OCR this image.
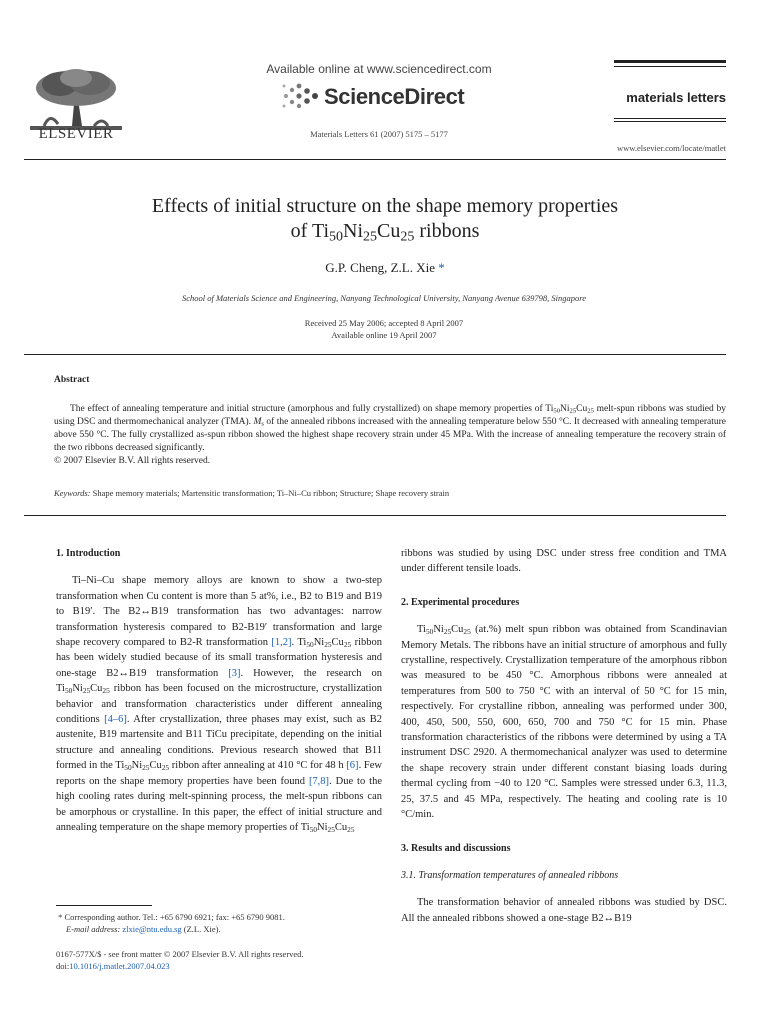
ELSEVIER
Available online at www.sciencedirect.com
ScienceDirect
Materials Letters 61 (2007) 5175 – 5177
materials letters
www.elsevier.com/locate/matlet
Effects of initial structure on the shape memory properties
of $Ti_{50}Ni_{25}Cu_{25}$ ribbons
G.P. Cheng, Z.L. Xie *
School of Materials Science and Engineering, Nanyang Technological University, Nanyang Avenue 639798, Singapore
Received 25 May 2006; accepted 8 April 2007
Available online 19 April 2007
Abstract

The effect of annealing temperature and initial structure (amorphous and fully crystallized) on shape memory properties of $Ti_{50}Ni_{25}Cu_{25}$ melt-spun ribbons was studied by using DSC and thermomechanical analyzer (TMA). $M_s$ of the annealed ribbons increased with the annealing temperature below 550 °C. It decreased with annealing temperature above 550 °C. The fully crystallized as-spun ribbon showed the highest shape recovery strain under 45 MPa. With the increase of annealing temperature the recovery strain of the two ribbons decreased significantly.

© 2007 Elsevier B.V. All rights reserved.
Keywords: Shape memory materials; Martensitic transformation; Ti–Ni–Cu ribbon; Structure; Shape recovery strain
1. Introduction

Ti–Ni–Cu shape memory alloys are known to show a two-step transformation when Cu content is more than 5 at%, i.e., B2 to B19 and B19 to B19′. The B2↔B19 transformation has two advantages: narrow transformation hysteresis compared to B2-B19′ transformation and large shape recovery compared to B2-R transformation [1,2]. $Ti_{50}Ni_{25}Cu_{25}$ ribbon has been widely studied because of its small transformation hysteresis and one-stage B2↔B19 transformation [3]. However, the research on $Ti_{50}Ni_{25}Cu_{25}$ ribbon has been focused on the microstructure, crystallization behavior and transformation characteristics under different annealing conditions [4–6]. After crystallization, three phases may exist, such as B2 austenite, B19 martensite and B11 TiCu precipitate, depending on the initial structure and annealing conditions. Previous research showed that B11 formed in the $Ti_{50}Ni_{25}Cu_{25}$ ribbon after annealing at 410 °C for 48 h [6]. Few reports on the shape memory properties have been found [7,8]. Due to the high cooling rates during melt-spinning process, the melt-spun ribbons can be amorphous or crystalline. In this paper, the effect of initial structure and annealing temperature on the shape memory properties of $Ti_{50}Ni_{25}Cu_{25}$

ribbons was studied by using DSC under stress free condition and TMA under different tensile loads.

2. Experimental procedures

$Ti_{50}Ni_{25}Cu_{25}$ (at.%) melt spun ribbon was obtained from Scandinavian Memory Metals. The ribbons have an initial structure of amorphous and fully crystalline, respectively. Crystallization temperature of the amorphous ribbon was measured to be 450 °C. Amorphous ribbons were annealed at temperatures from 500 to 750 °C with an interval of 50 °C for 15 min, respectively. For crystalline ribbon, annealing was performed under 300, 400, 450, 500, 550, 600, 650, 700 and 750 °C for 15 min. Phase transformation characteristics of the ribbons were determined by using a TA instrument DSC 2920. A thermomechanical analyzer was used to determine the shape recovery strain under different constant biasing loads during thermal cycling from −40 to 120 °C. Samples were stressed under 6.3, 11.3, 25, 37.5 and 45 MPa, respectively. The heating and cooling rate is 10 °C/min.

3. Results and discussions
3.1. Transformation temperatures of annealed ribbons

The transformation behavior of annealed ribbons was studied by DSC. All the annealed ribbons showed a one-stage B2↔B19

* Corresponding author. Tel.: +65 6790 6921; fax: +65 6790 9081.
E-mail address: zlxie@ntu.edu.sg (Z.L. Xie).
0167-577X/$ - see front matter © 2007 Elsevier B.V. All rights reserved.
doi:10.1016/j.matlet.2007.04.023
